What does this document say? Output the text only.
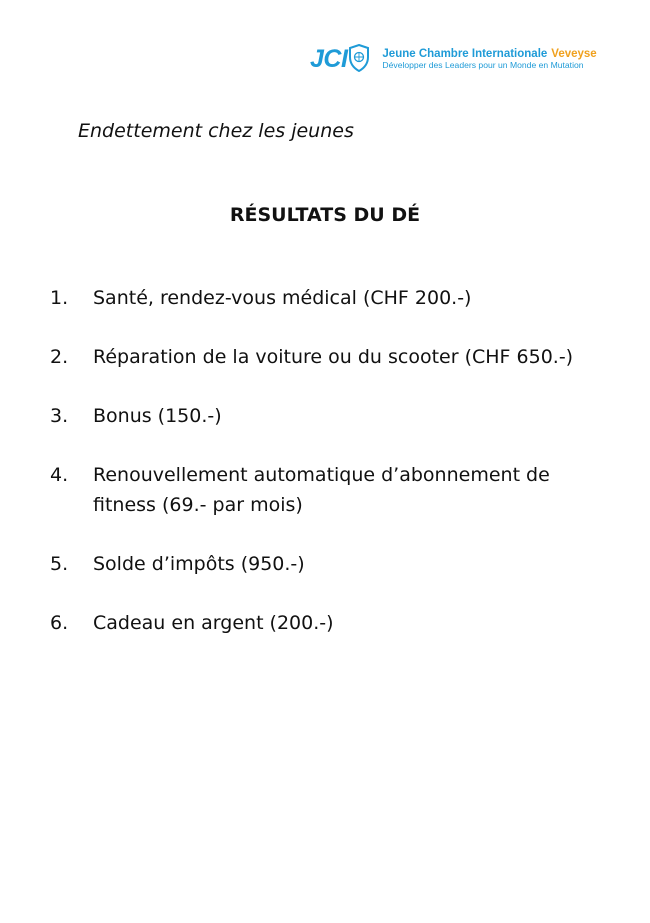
JCI	Jeune Chambre Internationale Veveyse
Développer des Leaders pour un Monde en Mutation
Endettement chez les jeunes
RÉSULTATS DU DÉ
1.	Santé, rendez-vous médical (CHF 200.-)
2.	Réparation de la voiture ou du scooter (CHF 650.-)
3.	Bonus (150.-)
4.	Renouvellement automatique d’abonnement de fitness (69.- par mois)
5.	Solde d’impôts (950.-)
6.	Cadeau en argent (200.-)
